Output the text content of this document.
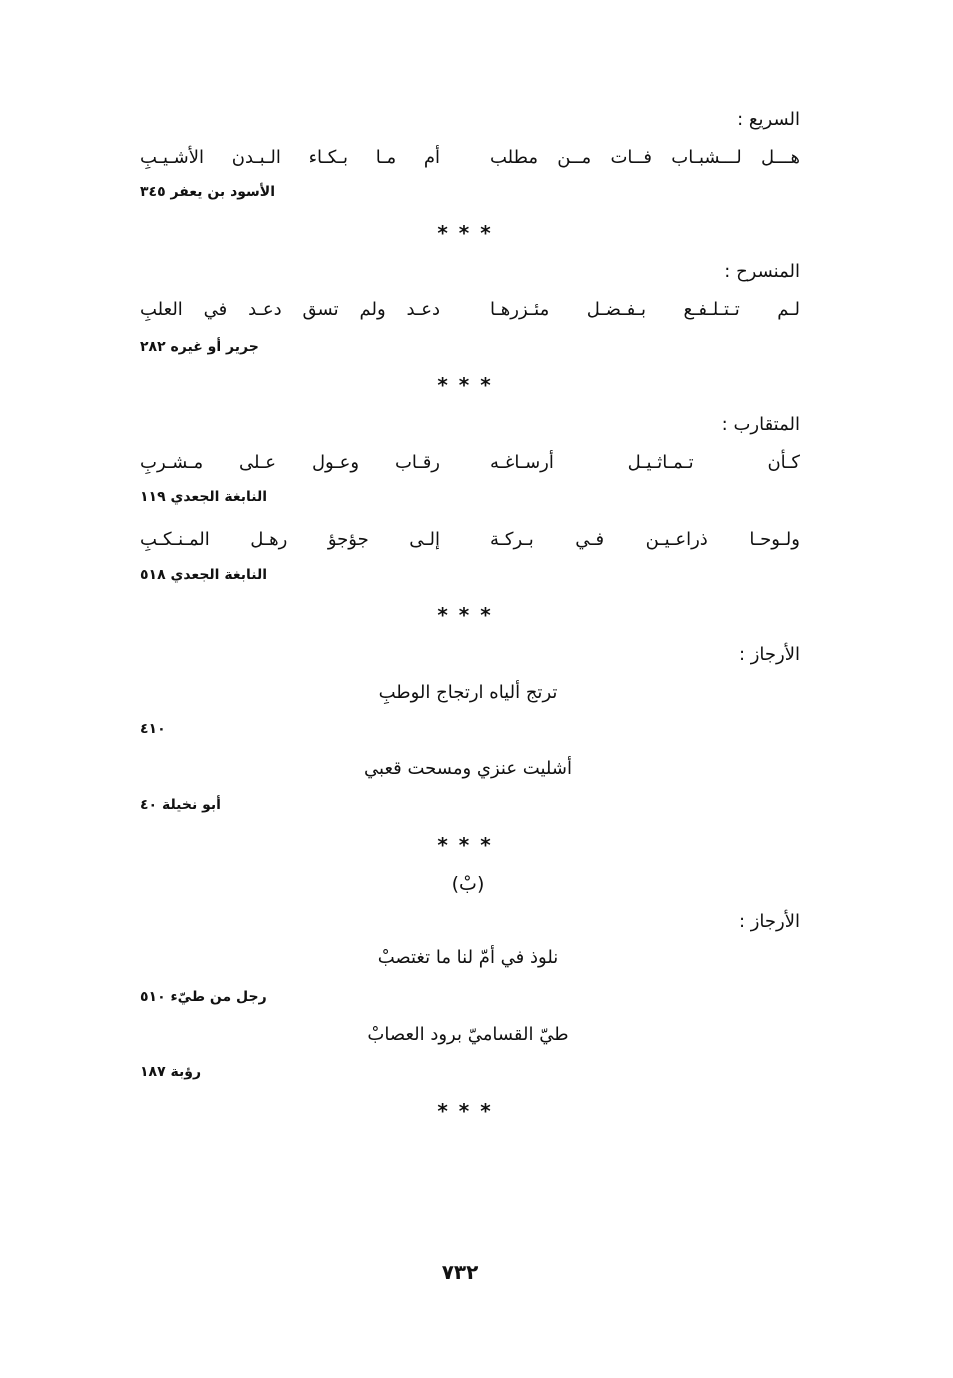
السريع :
هـــل لـــشبـاب فــات مــن مطلب
أم مـا بـكـاء الـبـدن الأشـيـبِ
الأسود بن يعفر ٣٤٥
* * *
المنسرح :
لـم تـتـلـفـع بـفـضـل مئـزرهـا
دعـد ولم تسق دعـد في العلبِ
جرير أو غيره ٢٨٢
* * *
المتقارب :
كـأن تـمـاثـيـل أرسـاغـه
رقـاب وعـول عـلى مـشـربِ
النابغة الجعدي ١١٩
ولـوحـا ذراعـيـن فـي بـركـة
إلـى جؤجؤ رهـل المـنـكـبِ
النابغة الجعدي ٥١٨
* * *
الأرجاز :
ترتج ألياه ارتجاج الوطبِ
٤١٠
أشليت عنزي ومسحت قعبي
أبو نخيلة ٤٠
* * *
(بْ)
الأرجاز :
نلوذ في أمّ لنا ما تغتصبْ
رجل من طيّء ٥١٠
طيّ القساميّ برود العصابْ
رؤبة ١٨٧
* * *
٧٣٢
